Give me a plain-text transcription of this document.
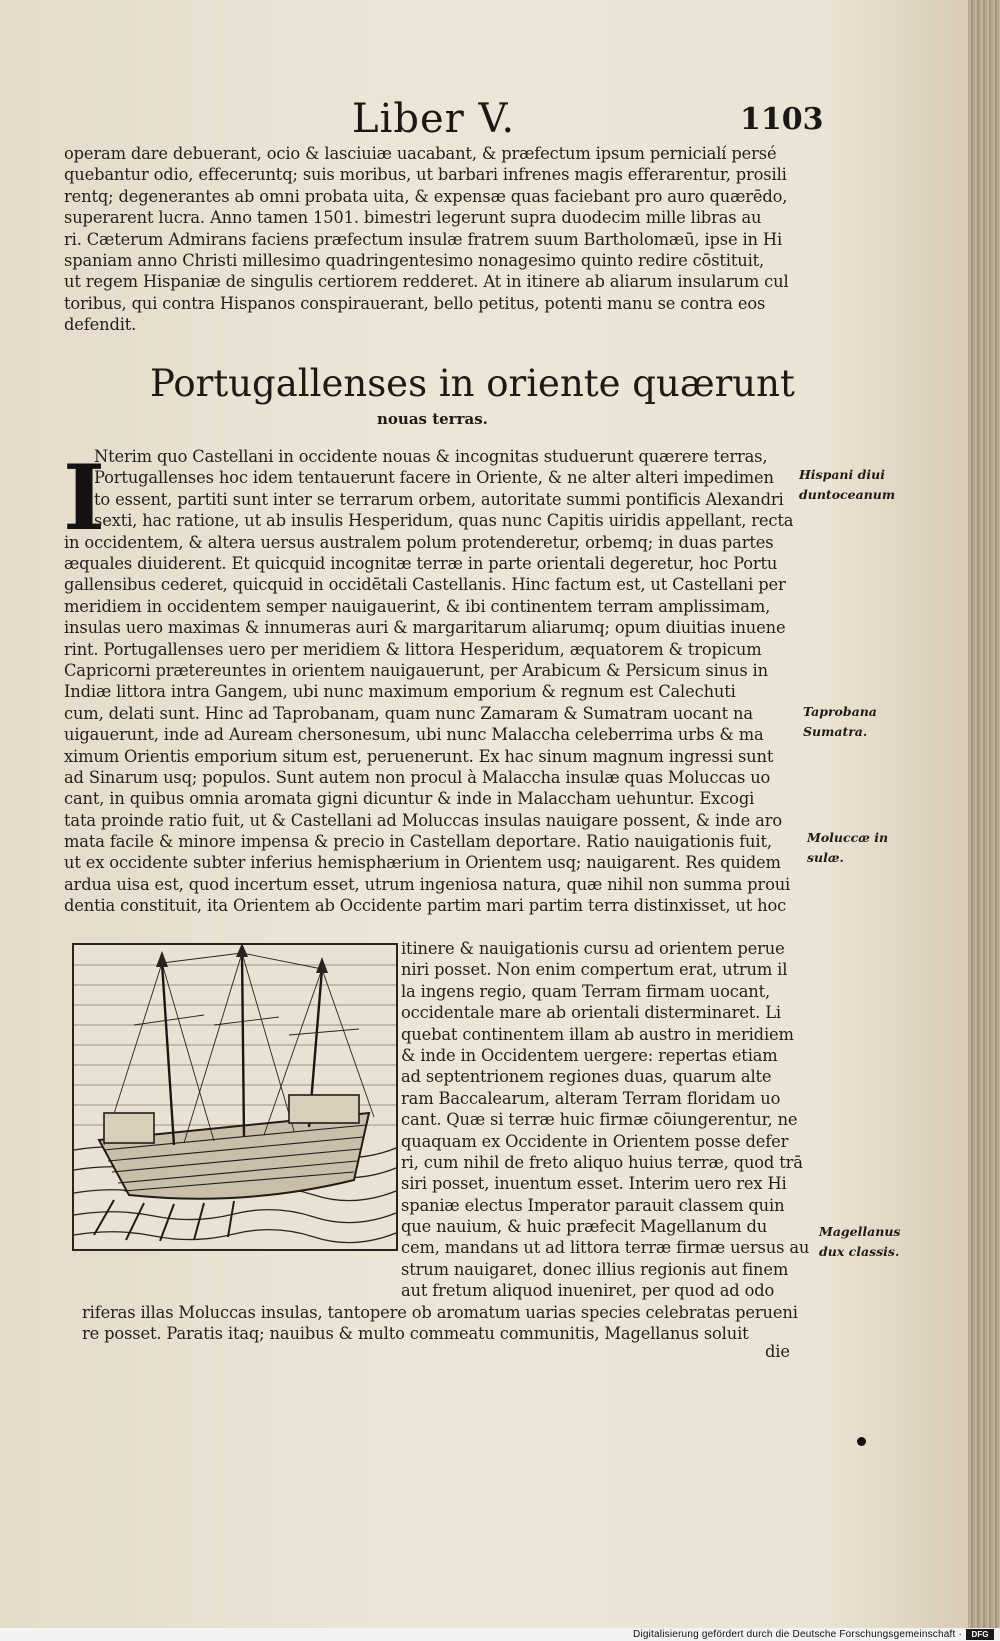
Liber V.	1103
operam dare debuerant, ocio & lasciuiæ uacabant, & præfectum ipsum pernicialí persé
quebantur odio, effeceruntq; suis moribus, ut barbari infrenes magis efferarentur, prosili
rentq; degenerantes ab omni probata uita, & expensæ quas faciebant pro auro quærēdo,
superarent lucra. Anno tamen 1501. bimestri legerunt supra duodecim mille libras au
ri. Cæterum Admirans faciens præfectum insulæ fratrem suum Bartholomæū, ipse in Hi
spaniam anno Christi millesimo quadringentesimo nonagesimo quinto redire cōstituit,
ut regem Hispaniæ de singulis certiorem redderet. At in itinere ab aliarum insularum cul
toribus, qui contra Hispanos conspirauerant, bello petitus, potenti manu se contra eos
defendit.
Portugallenses in oriente quærunt
nouas terras.
I
Nterim quo Castellani in occidente nouas & incognitas studuerunt quærere terras,
Portugallenses hoc idem tentauerunt facere in Oriente, & ne alter alteri impedimen
to essent, partiti sunt inter se terrarum orbem, autoritate summi pontificis Alexandri
sexti, hac ratione, ut ab insulis Hesperidum, quas nunc Capitis uiridis appellant, recta
in occidentem, & altera uersus australem polum protenderetur, orbemq; in duas partes
æquales diuiderent. Et quicquid incognitæ terræ in parte orientali degeretur, hoc Portu
gallensibus cederet, quicquid in occidētali Castellanis. Hinc factum est, ut Castellani per
meridiem in occidentem semper nauigauerint, & ibi continentem terram amplissimam,
insulas uero maximas & innumeras auri & margaritarum aliarumq; opum diuitias inuene
rint. Portugallenses uero per meridiem & littora Hesperidum, æquatorem & tropicum
Capricorni prætereuntes in orientem nauigauerunt, per Arabicum & Persicum sinus in
Indiæ littora intra Gangem, ubi nunc maximum emporium & regnum est Calechuti
cum, delati sunt. Hinc ad Taprobanam, quam nunc Zamaram & Sumatram uocant na
uigauerunt, inde ad Auream chersonesum, ubi nunc Malaccha celeberrima urbs & ma
ximum Orientis emporium situm est, peruenerunt. Ex hac sinum magnum ingressi sunt
ad Sinarum usq; populos. Sunt autem non procul à Malaccha insulæ quas Moluccas uo
cant, in quibus omnia aromata gigni dicuntur & inde in Malaccham uehuntur. Excogi
tata proinde ratio fuit, ut & Castellani ad Moluccas insulas nauigare possent, & inde aro
mata facile & minore impensa & precio in Castellam deportare. Ratio nauigationis fuit,
ut ex occidente subter inferius hemisphærium in Orientem usq; nauigarent. Res quidem
ardua uisa est, quod incertum esset, utrum ingeniosa natura, quæ nihil non summa proui
dentia constituit, ita Orientem ab Occidente partim mari partim terra distinxisset, ut hoc
itinere & nauigationis cursu ad orientem perue
niri posset. Non enim compertum erat, utrum il
la ingens regio, quam Terram firmam uocant,
occidentale mare ab orientali disterminaret. Li
quebat continentem illam ab austro in meridiem
& inde in Occidentem uergere: repertas etiam
ad septentrionem regiones duas, quarum alte
ram Baccalearum, alteram Terram floridam uo
cant. Quæ si terræ huic firmæ cōiungerentur, ne
quaquam ex Occidente in Orientem posse defer
ri, cum nihil de freto aliquo huius terræ, quod trā
siri posset, inuentum esset. Interim uero rex Hi
spaniæ electus Imperator parauit classem quin
que nauium, & huic præfecit Magellanum du
cem, mandans ut ad littora terræ firmæ uersus au
strum nauigaret, donec illius regionis aut finem
aut fretum aliquod inueniret, per quod ad odo
riferas illas Moluccas insulas, tantopere ob aromatum uarias species celebratas perueni
re posset. Paratis itaq; nauibus & multo commeatu communitis, Magellanus soluit
die
Hispani diui
duntoceanum
Taprobana
Sumatra.
Moluccæ in
sulæ.
Magellanus
dux classis.
Digitalisierung gefördert durch die Deutsche Forschungsgemeinschaft ·	DFG
